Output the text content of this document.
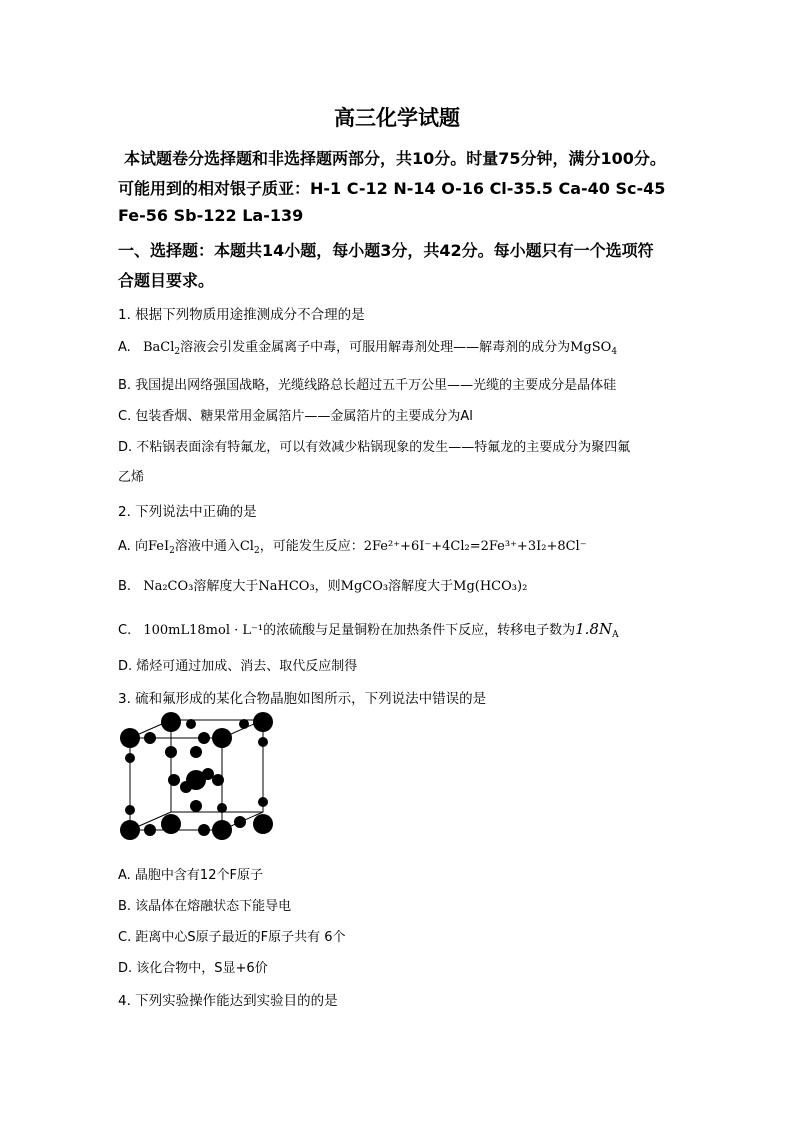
高三化学试题
本试题卷分选择题和非选择题两部分，共10分。时量75分钟，满分100分。
可能用到的相对银子质亚：H-1 C-12 N-14 O-16 Cl-35.5 Ca-40 Sc-45
Fe-56 Sb-122 La-139
一、选择题：本题共14小题，每小题3分，共42分。每小题只有一个选项符
合题目要求。
1. 根据下列物质用途推测成分不合理的是
A. BaCl$_2$溶液会引发重金属离子中毒，可服用解毒剂处理——解毒剂的成分为MgSO$_4$
B. 我国提出网络强国战略，光缆线路总长超过五千万公里——光缆的主要成分是晶体硅
C. 包装香烟、糖果常用金属箔片——金属箔片的主要成分为Al
D. 不粘锅表面涂有特氟龙，可以有效减少粘锅现象的发生——特氟龙的主要成分为聚四氟
乙烯
2. 下列说法中正确的是
A. 向FeI$_2$溶液中通入$Cl_2$，可能发生反应：2Fe²⁺+6I⁻+4Cl₂=2Fe³⁺+3I₂+8Cl⁻
B. Na₂CO₃溶解度大于NaHCO₃，则MgCO₃溶解度大于Mg(HCO₃)₂
C. 100mL18mol · L⁻¹的浓硫酸与足量铜粉在加热条件下反应，转移电子数为$1.8N_A$
D. 烯烃可通过加成、消去、取代反应制得
3. 硫和氟形成的某化合物晶胞如图所示，下列说法中错误的是
A. 晶胞中含有12个F原子
B. 该晶体在熔融状态下能导电
C. 距离中心S原子最近的F原子共有 6个
D. 该化合物中，S显+6价
4. 下列实验操作能达到实验目的的是
